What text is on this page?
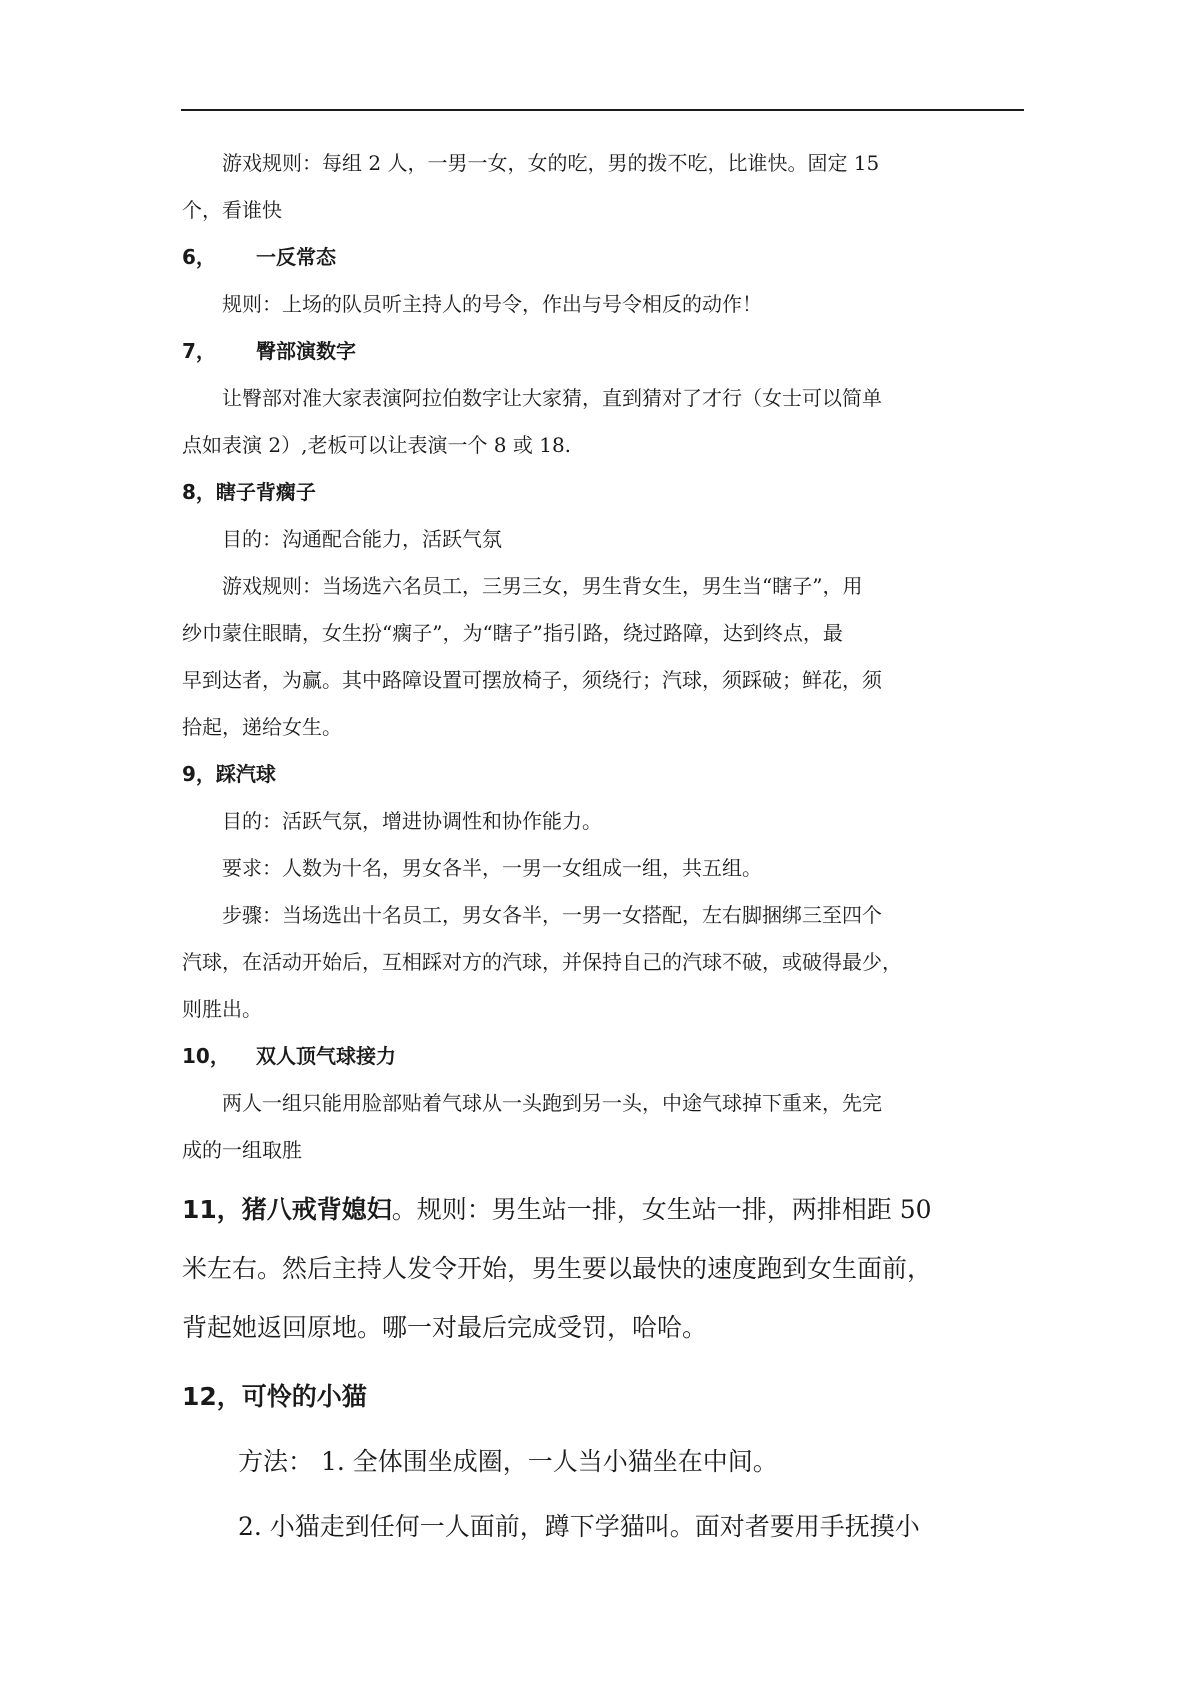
游戏规则：每组 2 人，一男一女，女的吃，男的拨不吃，比谁快。固定 15

个，看谁快

6， 一反常态

规则：上场的队员听主持人的号令，作出与号令相反的动作！

7， 臀部演数字

让臀部对准大家表演阿拉伯数字让大家猜，直到猜对了才行（女士可以简单

点如表演 2）,老板可以让表演一个 8 或 18.

8，瞎子背瘸子

目的：沟通配合能力，活跃气氛

游戏规则：当场选六名员工，三男三女，男生背女生，男生当“瞎子”，用

纱巾蒙住眼睛，女生扮“瘸子”，为“瞎子”指引路，绕过路障，达到终点，最

早到达者，为赢。其中路障设置可摆放椅子，须绕行；汽球，须踩破；鲜花，须

拾起，递给女生。

9，踩汽球

目的：活跃气氛，增进协调性和协作能力。

要求：人数为十名，男女各半，一男一女组成一组，共五组。

步骤：当场选出十名员工，男女各半，一男一女搭配，左右脚捆绑三至四个

汽球，在活动开始后，互相踩对方的汽球，并保持自己的汽球不破，或破得最少，

则胜出。

10， 双人顶气球接力

两人一组只能用脸部贴着气球从一头跑到另一头，中途气球掉下重来，先完

成的一组取胜

11，猪八戒背媳妇。规则：男生站一排，女生站一排，两排相距 50

米左右。然后主持人发令开始，男生要以最快的速度跑到女生面前，

背起她返回原地。哪一对最后完成受罚，哈哈。

12，可怜的小猫

方法： 1. 全体围坐成圈，一人当小猫坐在中间。

2. 小猫走到任何一人面前，蹲下学猫叫。面对者要用手抚摸小
